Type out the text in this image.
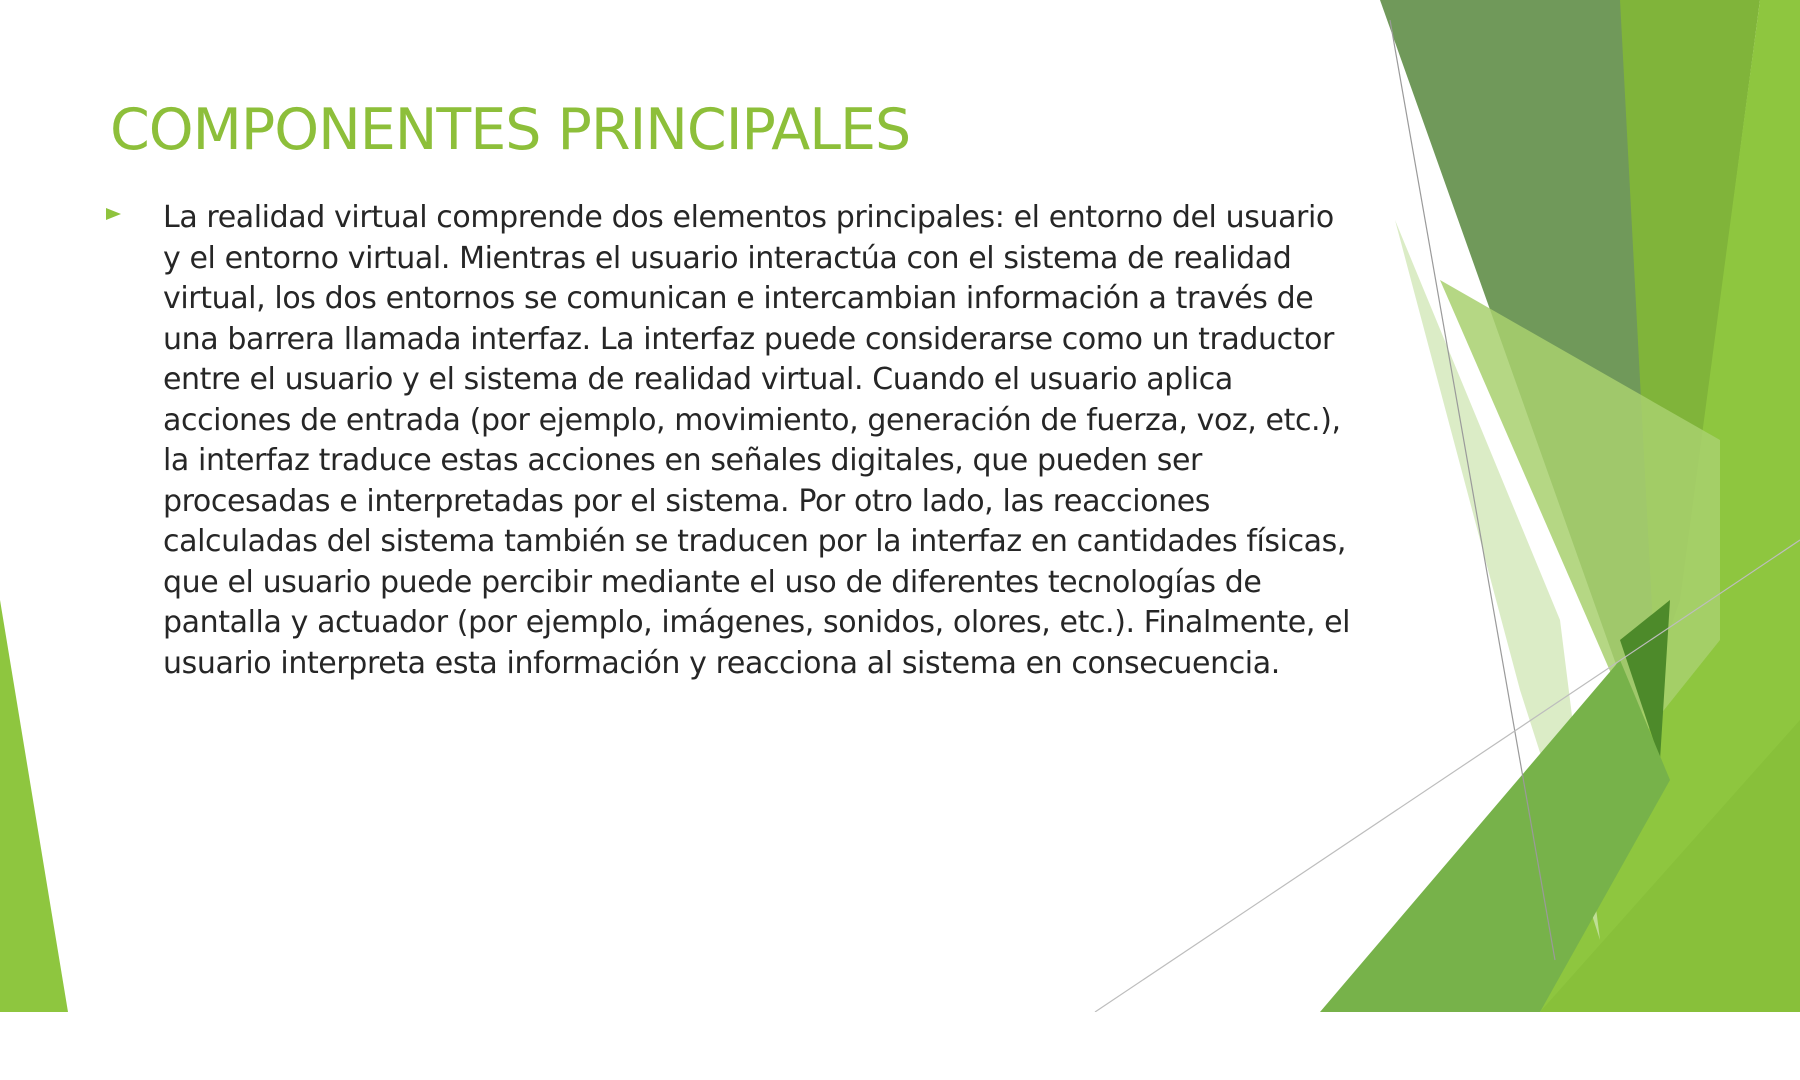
COMPONENTES PRINCIPALES

La realidad virtual comprende dos elementos principales: el entorno del usuario y el entorno virtual. Mientras el usuario interactúa con el sistema de realidad virtual, los dos entornos se comunican e intercambian información a través de una barrera llamada interfaz. La interfaz puede considerarse como un traductor entre el usuario y el sistema de realidad virtual. Cuando el usuario aplica acciones de entrada (por ejemplo, movimiento, generación de fuerza, voz, etc.), la interfaz traduce estas acciones en señales digitales, que pueden ser procesadas e interpretadas por el sistema. Por otro lado, las reacciones calculadas del sistema también se traducen por la interfaz en cantidades físicas, que el usuario puede percibir mediante el uso de diferentes tecnologías de pantalla y actuador (por ejemplo, imágenes, sonidos, olores, etc.). Finalmente, el usuario interpreta esta información y reacciona al sistema en consecuencia.
